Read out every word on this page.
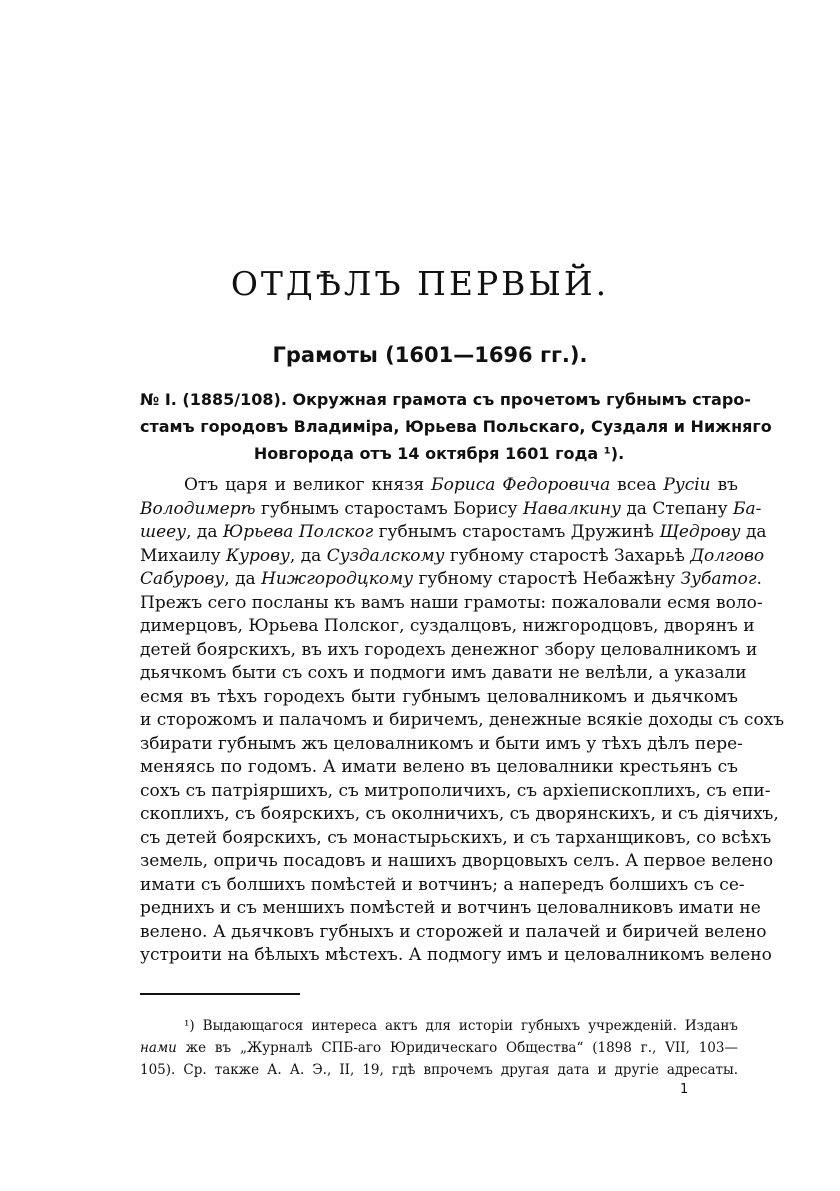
ОТДѢЛЪ ПЕРВЫЙ.
Грамоты (1601—1696 гг.).
№ I. (1885/108). Окружная грамота съ прочетомъ губнымъ старо-
стамъ городовъ Владиміра, Юрьева Польскаго, Суздаля и Нижняго
Новгорода отъ 14 октября 1601 года ¹).
Отъ царя и великог князя Бориса Федоровича всеа Русіи въ
Володимерѣ губнымъ старостамъ Борису Навалкину да Степану Ба-
шееу, да Юрьева Полског губнымъ старостамъ Дружинѣ Щедрову да
Михаилу Курову, да Суздалскому губному старостѣ Захарьѣ Долгово
Сабурову, да Нижгородцкому губному старостѣ Небажѣну Зубатог.
Прежъ сего посланы къ вамъ наши грамоты: пожаловали есмя воло-
димерцовъ, Юрьева Полског, суздалцовъ, нижгородцовъ, дворянъ и
детей боярскихъ, въ ихъ городехъ денежног збору целовалникомъ и
дьячкомъ быти съ сохъ и подмоги имъ давати не велѣли, а указали
есмя въ тѣхъ городехъ быти губнымъ целовалникомъ и дьячкомъ
и сторожомъ и палачомъ и биричемъ, денежные всякіе доходы съ сохъ
збирати губнымъ жъ целовалникомъ и быти имъ у тѣхъ дѣлъ пере-
меняясь по годомъ. А имати велено въ целовалники крестьянъ съ
сохъ съ патріяршихъ, съ митрополичихъ, съ архіепископлихъ, съ епи-
скоплихъ, съ боярскихъ, съ околничихъ, съ дворянскихъ, и съ діячихъ,
съ детей боярскихъ, съ монастырьскихъ, и съ тарханщиковъ, со всѣхъ
земель, опричь посадовъ и нашихъ дворцовыхъ селъ. А первое велено
имати съ болшихъ помѣстей и вотчинъ; а напередъ болшихъ съ се-
реднихъ и съ меншихъ помѣстей и вотчинъ целовалниковъ имати не
велено. А дьячковъ губныхъ и сторожей и палачей и биричей велено
устроити на бѣлыхъ мѣстехъ. А подмогу имъ и целовалникомъ велено
¹) Выдающагося интереса актъ для исторіи губныхъ учрежденій. Изданъ
нами же въ „Журналѣ СПБ-аго Юридическаго Общества“ (1898 г., VII, 103—
105). Ср. также А. А. Э., II, 19, гдѣ впрочемъ другая дата и другіе адресаты.
1
